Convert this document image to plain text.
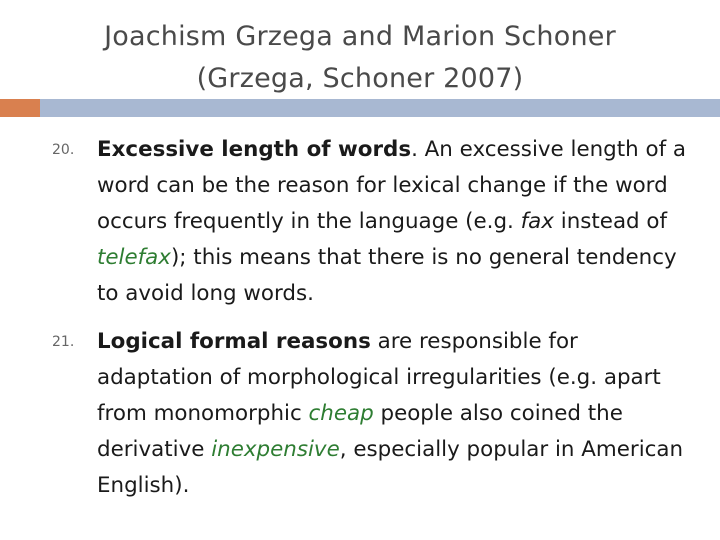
Joachism Grzega and Marion Schoner
(Grzega, Schoner 2007)
20. Excessive length of words. An excessive length of a word can be the reason for lexical change if the word occurs frequently in the language (e.g. fax instead of telefax); this means that there is no general tendency to avoid long words.
21. Logical formal reasons are responsible for adaptation of morphological irregularities (e.g. apart from monomorphic cheap people also coined the derivative inexpensive, especially popular in American English).
